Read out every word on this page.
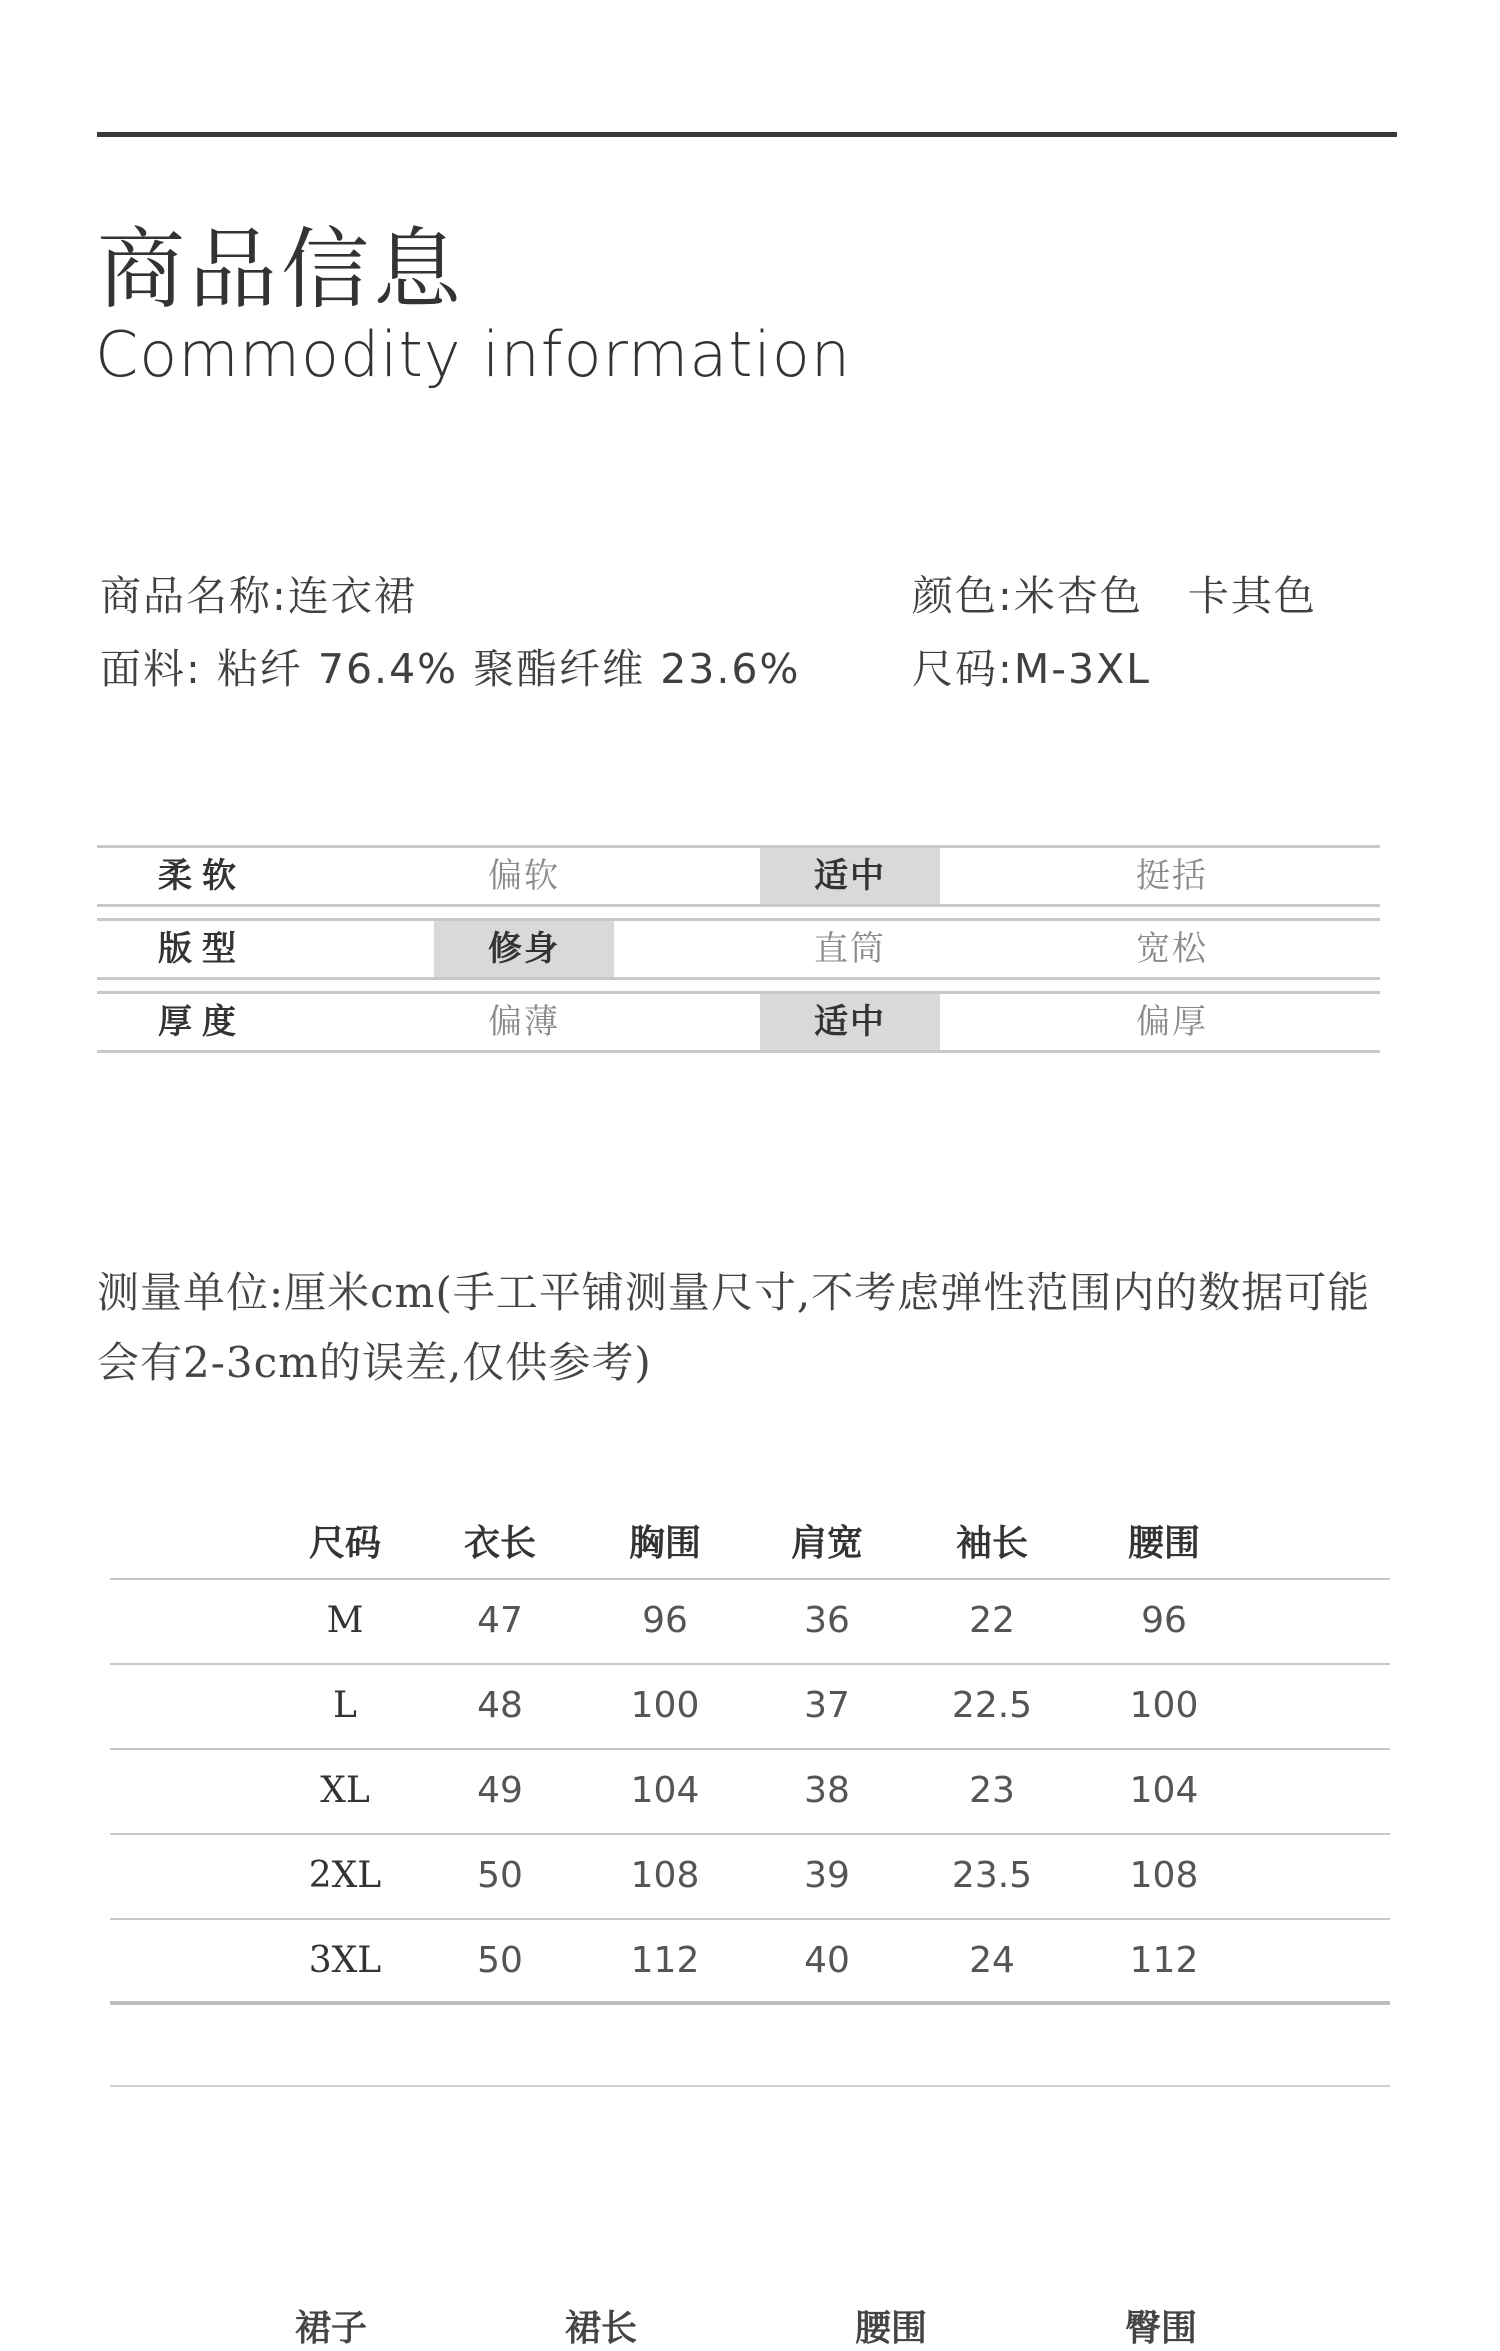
商品信息
Commodity information
商品名称:连衣裙	颜色:米杏色   卡其色
面料: 粘纤 76.4% 聚酯纤维 23.6%	尺码:M-3XL
柔软	偏软	适中	挺括
版型	修身	直筒	宽松
厚度	偏薄	适中	偏厚
测量单位:厘米cm(手工平铺测量尺寸,不考虑弹性范围内的数据可能会有2-3cm的误差,仅供参考)
尺码	衣长	胸围	肩宽	袖长	腰围
M	47	96	36	22	96
L	48	100	37	22.5	100
XL	49	104	38	23	104
2XL	50	108	39	23.5	108
3XL	50	112	40	24	112
裙子	裙长	腰围	臀围
